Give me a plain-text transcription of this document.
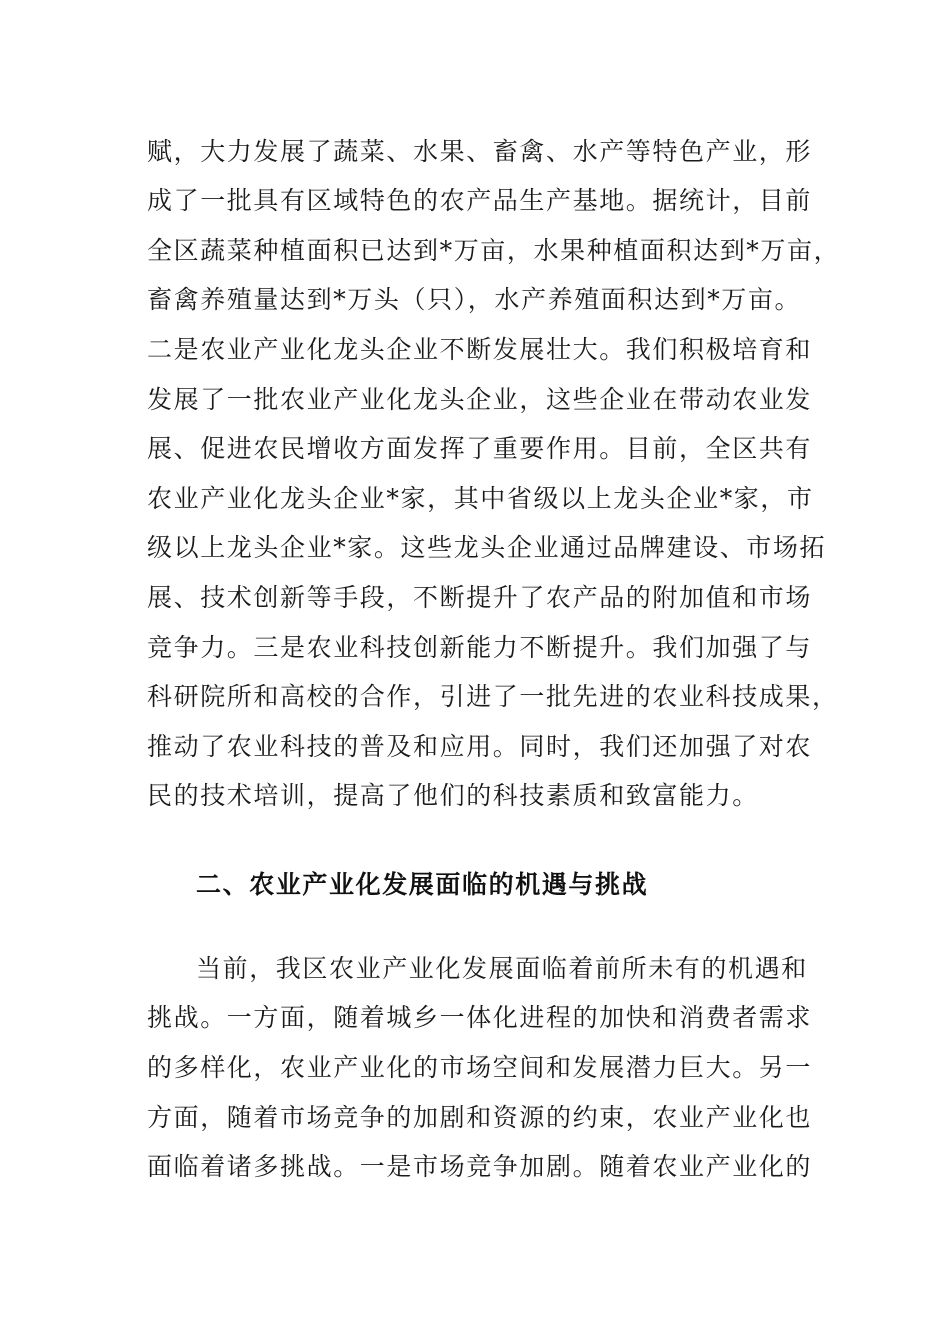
赋，大力发展了蔬菜、水果、畜禽、水产等特色产业，形
成了一批具有区域特色的农产品生产基地。据统计，目前
全区蔬菜种植面积已达到*万亩，水果种植面积达到*万亩，
畜禽养殖量达到*万头（只），水产养殖面积达到*万亩。
二是农业产业化龙头企业不断发展壮大。我们积极培育和
发展了一批农业产业化龙头企业，这些企业在带动农业发
展、促进农民增收方面发挥了重要作用。目前，全区共有
农业产业化龙头企业*家，其中省级以上龙头企业*家，市
级以上龙头企业*家。这些龙头企业通过品牌建设、市场拓
展、技术创新等手段，不断提升了农产品的附加值和市场
竞争力。三是农业科技创新能力不断提升。我们加强了与
科研院所和高校的合作，引进了一批先进的农业科技成果，
推动了农业科技的普及和应用。同时，我们还加强了对农
民的技术培训，提高了他们的科技素质和致富能力。
二、农业产业化发展面临的机遇与挑战
当前，我区农业产业化发展面临着前所未有的机遇和
挑战。一方面，随着城乡一体化进程的加快和消费者需求
的多样化，农业产业化的市场空间和发展潜力巨大。另一
方面，随着市场竞争的加剧和资源的约束，农业产业化也
面临着诸多挑战。一是市场竞争加剧。随着农业产业化的
